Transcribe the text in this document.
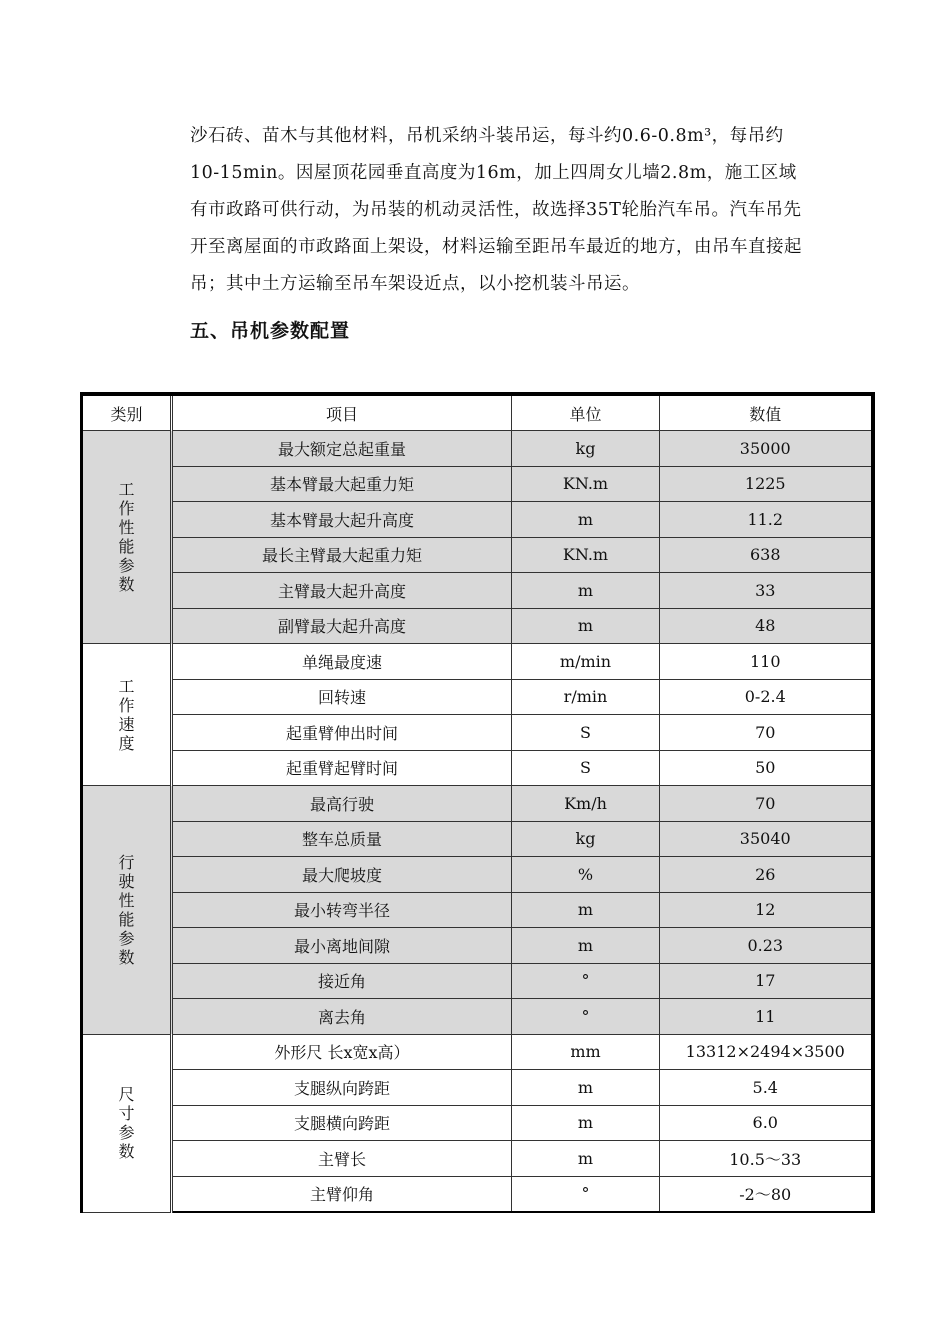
沙石砖、苗木与其他材料，吊机采纳斗装吊运，每斗约0.6-0.8m³，每吊约10-15min。因屋顶花园垂直高度为16m，加上四周女儿墙2.8m，施工区域有市政路可供行动，为吊装的机动灵活性，故选择35T轮胎汽车吊。汽车吊先开至离屋面的市政路面上架设，材料运输至距吊车最近的地方，由吊车直接起吊；其中土方运输至吊车架设近点，以小挖机装斗吊运。

五、吊机参数配置
类别	项目	单位	数值
工作性能参数	最大额定总起重量	kg	35000
	基本臂最大起重力矩	KN.m	1225
	基本臂最大起升高度	m	11.2
	最长主臂最大起重力矩	KN.m	638
	主臂最大起升高度	m	33
	副臂最大起升高度	m	48
工作速度	单绳最度速	m/min	110
	回转速	r/min	0-2.4
	起重臂伸出时间	S	70
	起重臂起臂时间	S	50
行驶性能参数	最高行驶	Km/h	70
	整车总质量	kg	35040
	最大爬坡度	%	26
	最小转弯半径	m	12
	最小离地间隙	m	0.23
	接近角	°	17
	离去角	°	11
尺寸参数	外形尺 长x宽x高）	mm	13312×2494×3500
	支腿纵向跨距	m	5.4
	支腿横向跨距	m	6.0
	主臂长	m	10.5～33
	主臂仰角	°	-2～80
